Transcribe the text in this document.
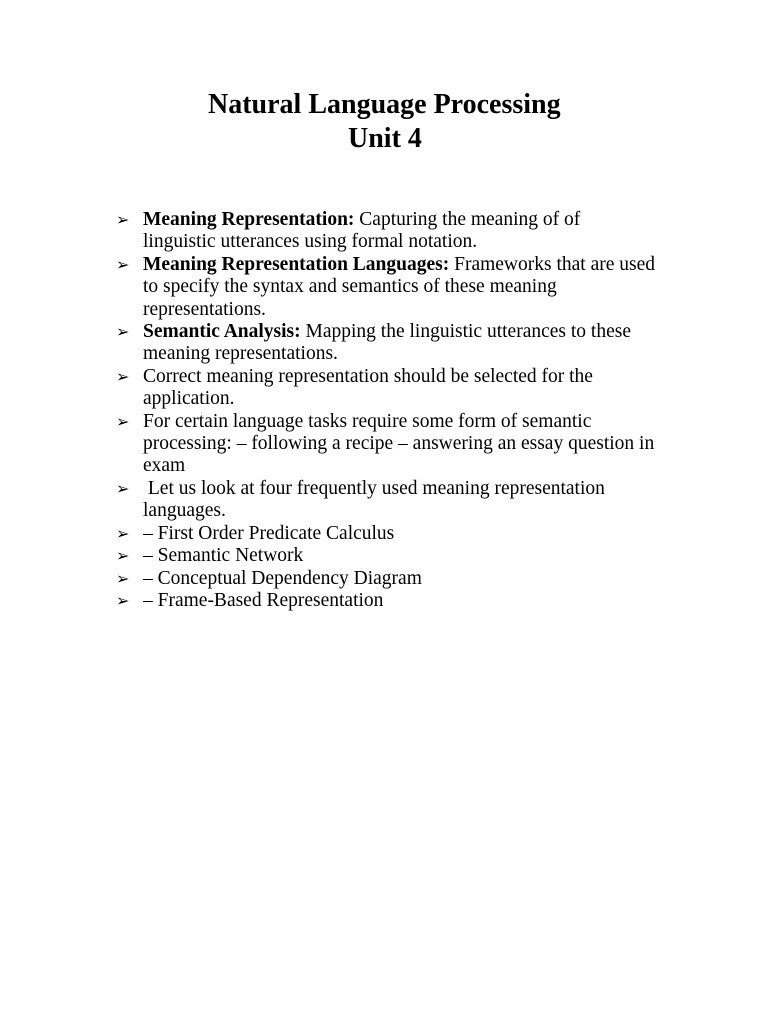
Natural Language Processing
Unit 4
➢ Meaning Representation: Capturing the meaning of of linguistic utterances using formal notation.
➢ Meaning Representation Languages: Frameworks that are used to specify the syntax and semantics of these meaning representations.
➢ Semantic Analysis: Mapping the linguistic utterances to these meaning representations.
➢ Correct meaning representation should be selected for the application.
➢ For certain language tasks require some form of semantic processing: – following a recipe – answering an essay question in exam
➢ Let us look at four frequently used meaning representation languages.
➢ – First Order Predicate Calculus
➢ – Semantic Network
➢ – Conceptual Dependency Diagram
➢ – Frame-Based Representation
